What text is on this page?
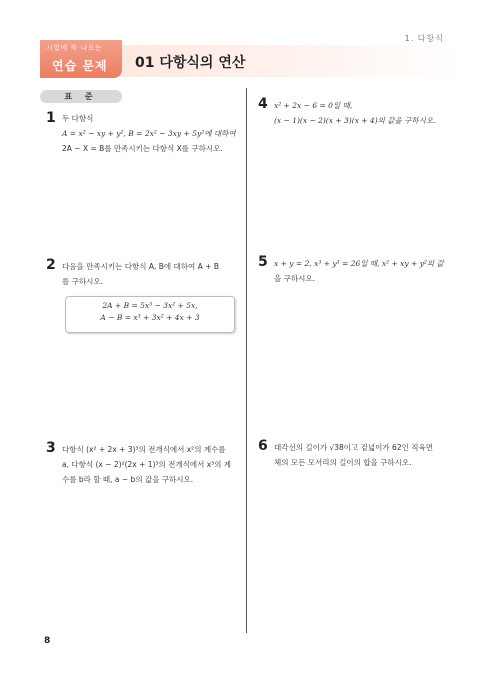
1. 다항식
시험에 꼭 나오는
연습 문제 01 다항식의 연산
표 준
1 두 다항식
A = x² − xy + y², B = 2x² − 3xy + 5y²에 대하여
2A − X = B를 만족시키는 다항식 X를 구하시오.
2 다음을 만족시키는 다항식 A, B에 대하여 A + B
를 구하시오.
2A + B = 5x³ − 3x² + 5x,
A − B = x³ + 3x² + 4x + 3
3 다항식 (x² + 2x + 3)³의 전개식에서 x²의 계수를
a, 다항식 (x − 2)²(2x + 1)³의 전개식에서 x³의 계
수를 b라 할 때, a − b의 값을 구하시오.
4 x² + 2x − 6 = 0일 때,
(x − 1)(x − 2)(x + 3)(x + 4)의 값을 구하시오.
5 x + y = 2, x³ + y³ = 26일 때, x² + xy + y²의 값
을 구하시오.
6 대각선의 길이가 √38이고 겉넓이가 62인 직육면
체의 모든 모서리의 길이의 합을 구하시오.
8
